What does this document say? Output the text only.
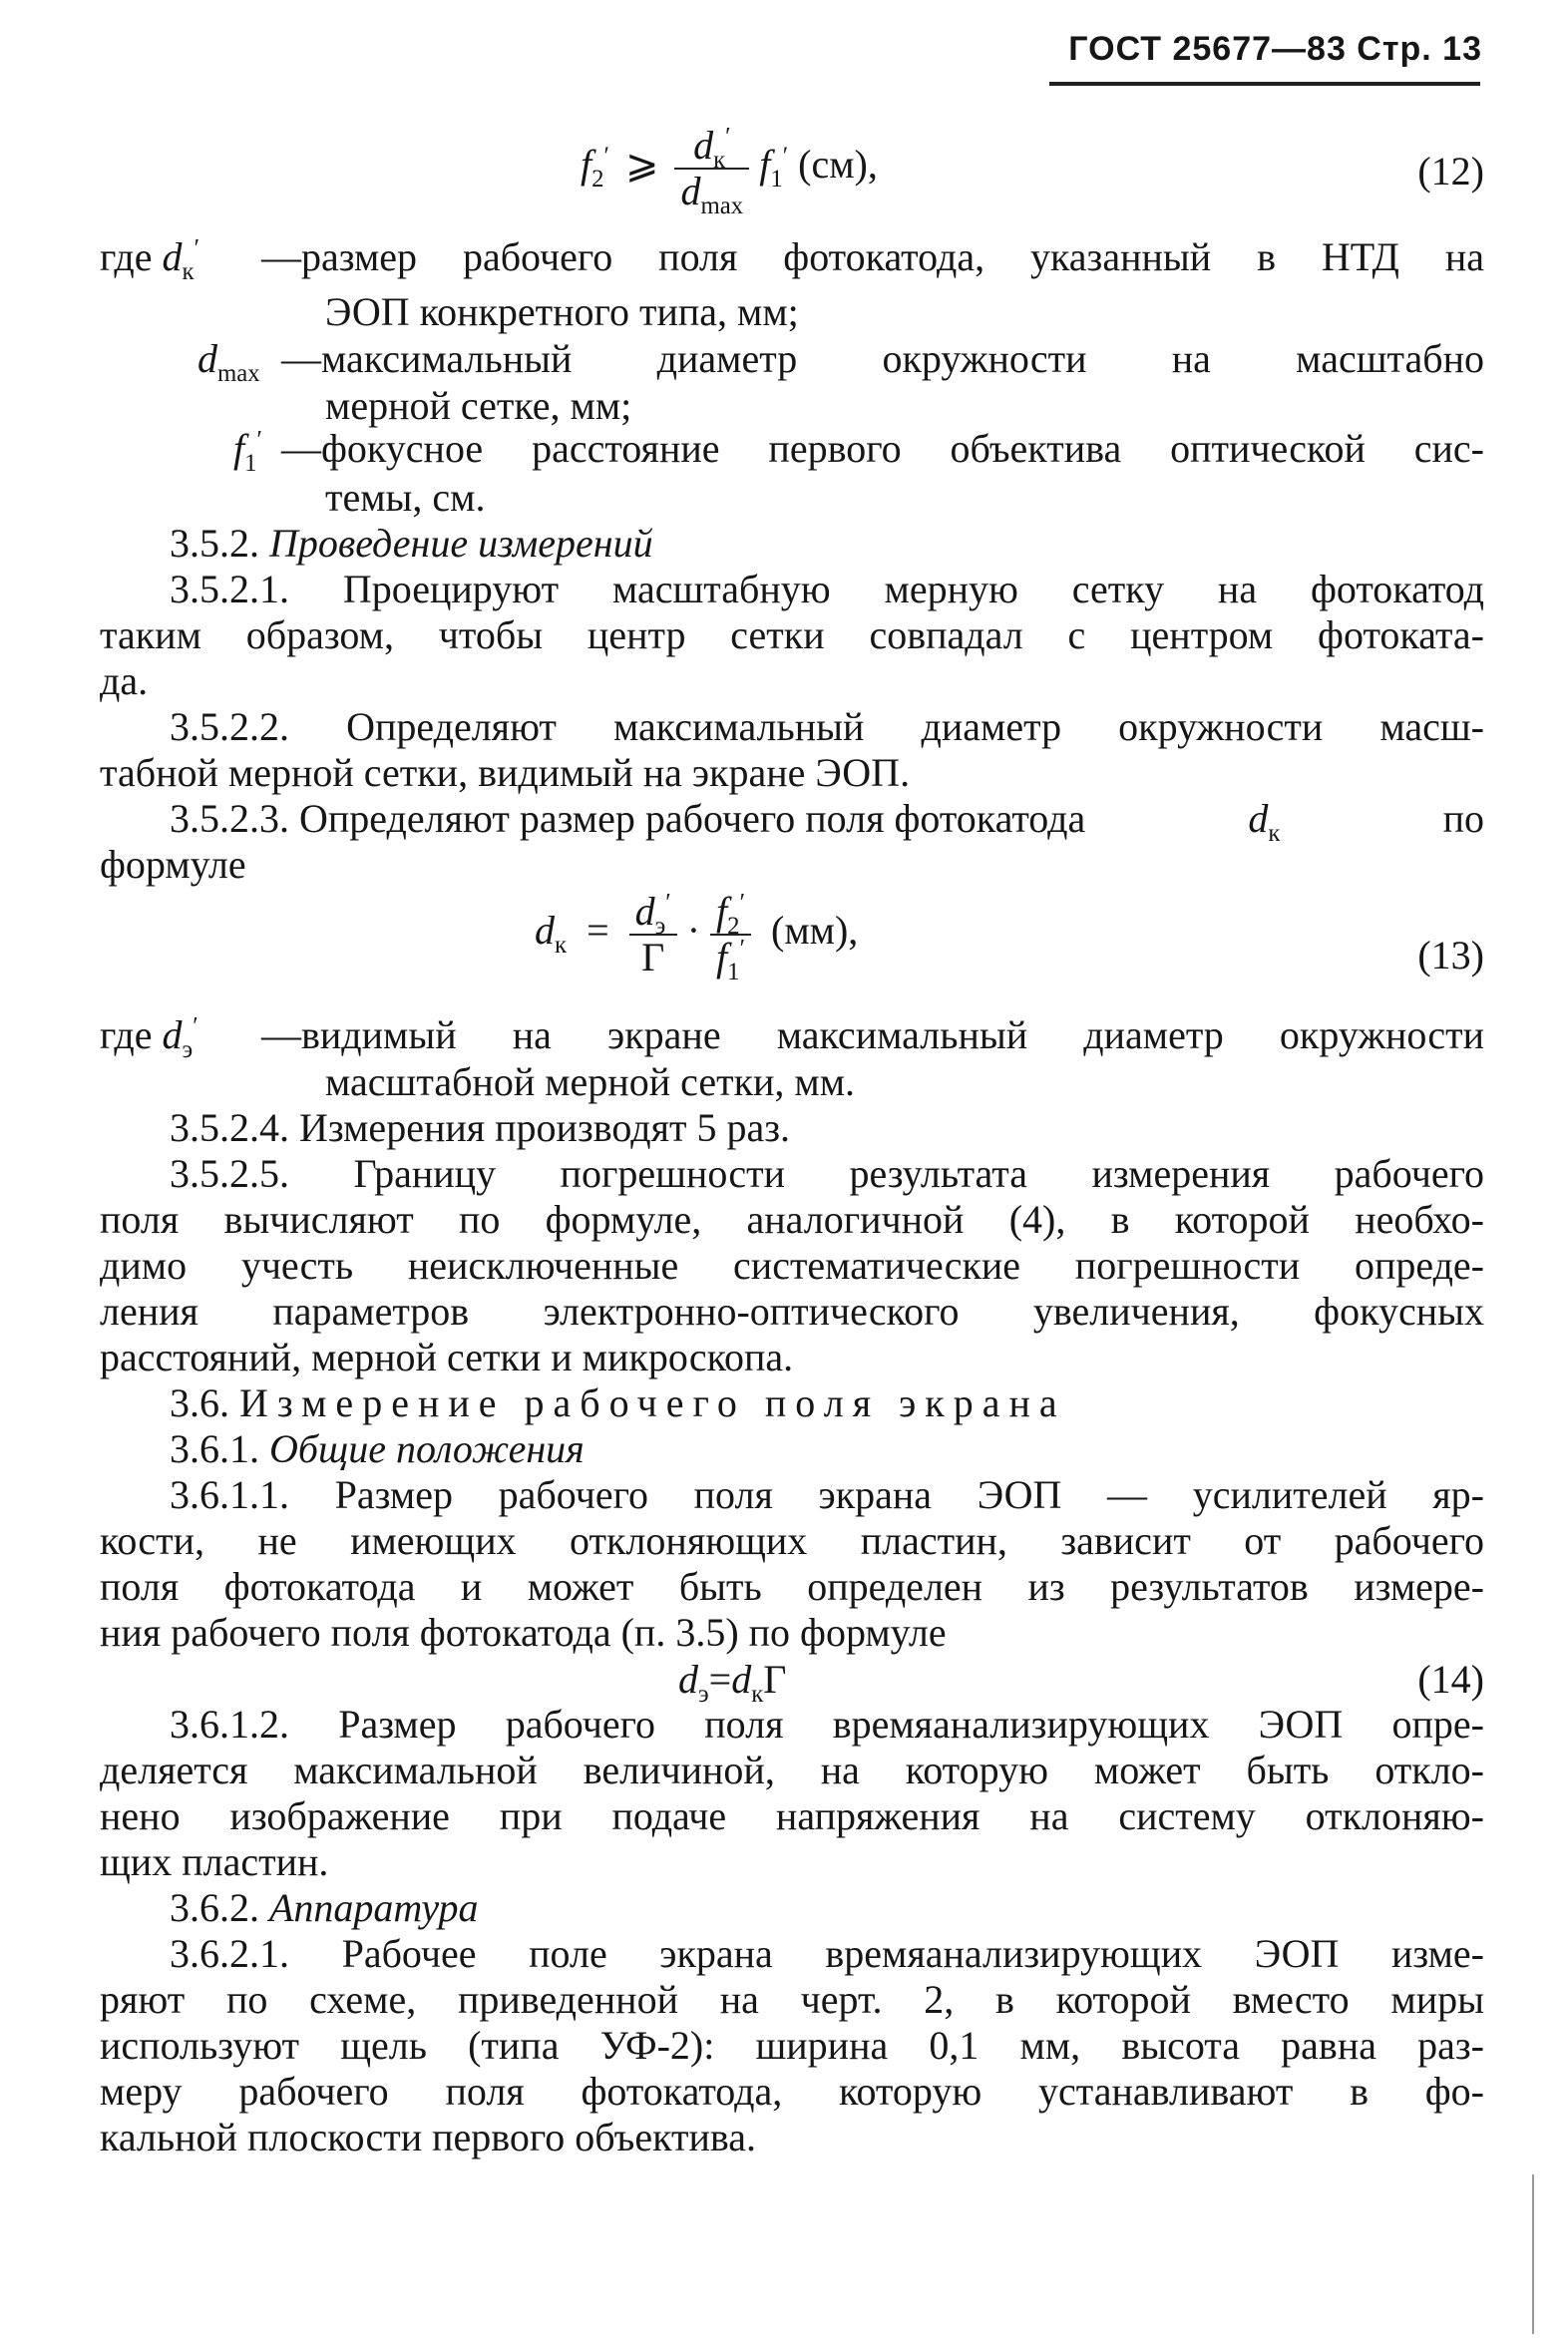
ГОСТ 25677—83 Стр. 13
$f_2'$ ⩾ $\frac{d_к'}{d_{max}} f_1'$ (см),	(12)
где $d_к'$ —размер рабочего поля фотокатода, указанный в НТД на
ЭОП конкретного типа, мм;
$d_{max}$ —максимальный диаметр окружности на масштабно
мерной сетке, мм;
$f_1'$ —фокусное расстояние первого объектива оптической сис-
темы, см.
3.5.2. Проведение измерений
3.5.2.1. Проецируют масштабную мерную сетку на фотокатод
таким образом, чтобы центр сетки совпадал с центром фотоката-
да.
3.5.2.2. Определяют максимальный диаметр окружности масш-
табной мерной сетки, видимый на экране ЭОП.
3.5.2.3. Определяют размер рабочего поля фотокатода	$d_к$	по
формуле
$d_к = \frac{d_э'}{Г} \cdot \frac{f_2'}{f_1'} (мм)$,
(13)
где $d_э'$ —видимый на экране максимальный диаметр окружности
масштабной мерной сетки, мм.
3.5.2.4. Измерения производят 5 раз.
3.5.2.5. Границу погрешности результата измерения рабочего
поля вычисляют по формуле, аналогичной (4), в которой необхо-
димо учесть неисключенные систематические погрешности опреде-
ления параметров электронно-оптического увеличения, фокусных
расстояний, мерной сетки и микроскопа.
3.6. Измерение рабочего поля экрана
3.6.1. Общие положения
3.6.1.1. Размер рабочего поля экрана ЭОП — усилителей яр-
кости, не имеющих отклоняющих пластин, зависит от рабочего
поля фотокатода и может быть определен из результатов измере-
ния рабочего поля фотокатода (п. 3.5) по формуле
$d_э=d_кГ$	(14)
3.6.1.2. Размер рабочего поля времяанализирующих ЭОП опре-
деляется максимальной величиной, на которую может быть откло-
нено изображение при подаче напряжения на систему отклоняю-
щих пластин.
3.6.2. Аппаратура
3.6.2.1. Рабочее поле экрана времяанализирующих ЭОП изме-
ряют по схеме, приведенной на черт. 2, в которой вместо миры
используют щель (типа УФ-2): ширина 0,1 мм, высота равна раз-
меру рабочего поля фотокатода, которую устанавливают в фо-
кальной плоскости первого объектива.
